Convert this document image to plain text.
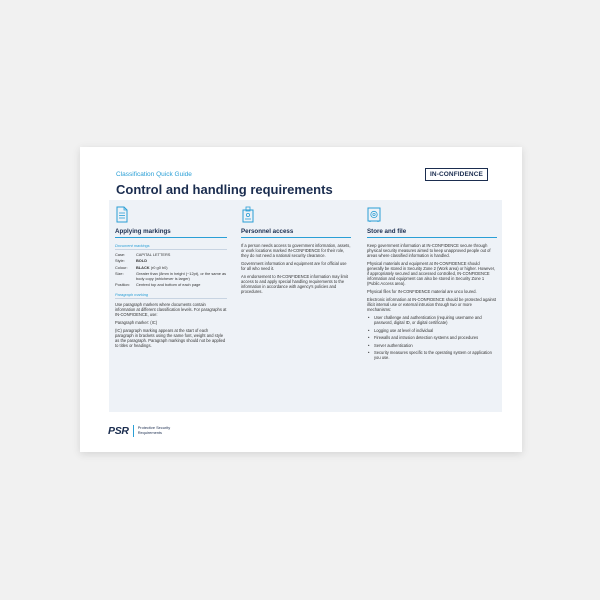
Classification Quick Guide
Control and handling requirements
IN-CONFIDENCE
Applying markings
Document markings
Case:	CAPITAL LETTERS
Style:	BOLD
Colour:	BLACK (r0 g0 b0)
Size:	Greater than (8mm in height (~12pt), or the same as body copy (whichever is larger)
Position:	Centred top and bottom of each page
Paragraph marking
Use paragraph markers where documents contain information at different classification levels. For paragraphs at IN-CONFIDENCE, use:
Paragraph marker: (IC)
(IC) paragraph marking appears at the start of each paragraph in brackets using the same font, weight and style as the paragraph. Paragraph markings should not be applied to titles or headings.
Personnel access
If a person needs access to government information, assets, or work locations marked IN-CONFIDENCE for their role, they do not need a national security clearance.
Government information and equipment are for official use for all who need it.
An endorsement to IN-CONFIDENCE information may limit access to and apply special handling requirements to the information in accordance with agency's policies and procedures.
Store and file
Keep government information at IN-CONFIDENCE secure through physical security measures aimed to keep unapproved people out of areas where classified information is handled.
Physical materials and equipment at IN-CONFIDENCE should generally be stored in Security Zone 2 (Work area) or higher. However, if appropriately secured and accessed controlled, IN-CONFIDENCE information and equipment can also be stored in Security Zone 1 (Public Access area).
Physical files for IN-CONFIDENCE material are unco loured.
Electronic information at IN-CONFIDENCE should be protected against illicit internal use or external intrusion through two or more mechanisms:
• User challenge and authentication (requiring username and password, digital ID, or digital certificate)
• Logging use at level of individual
• Firewalls and intrusion detection systems and procedures
• Server authentication
• Security measures specific to the operating system or application you use.
PSR Protective Security
Requirements
